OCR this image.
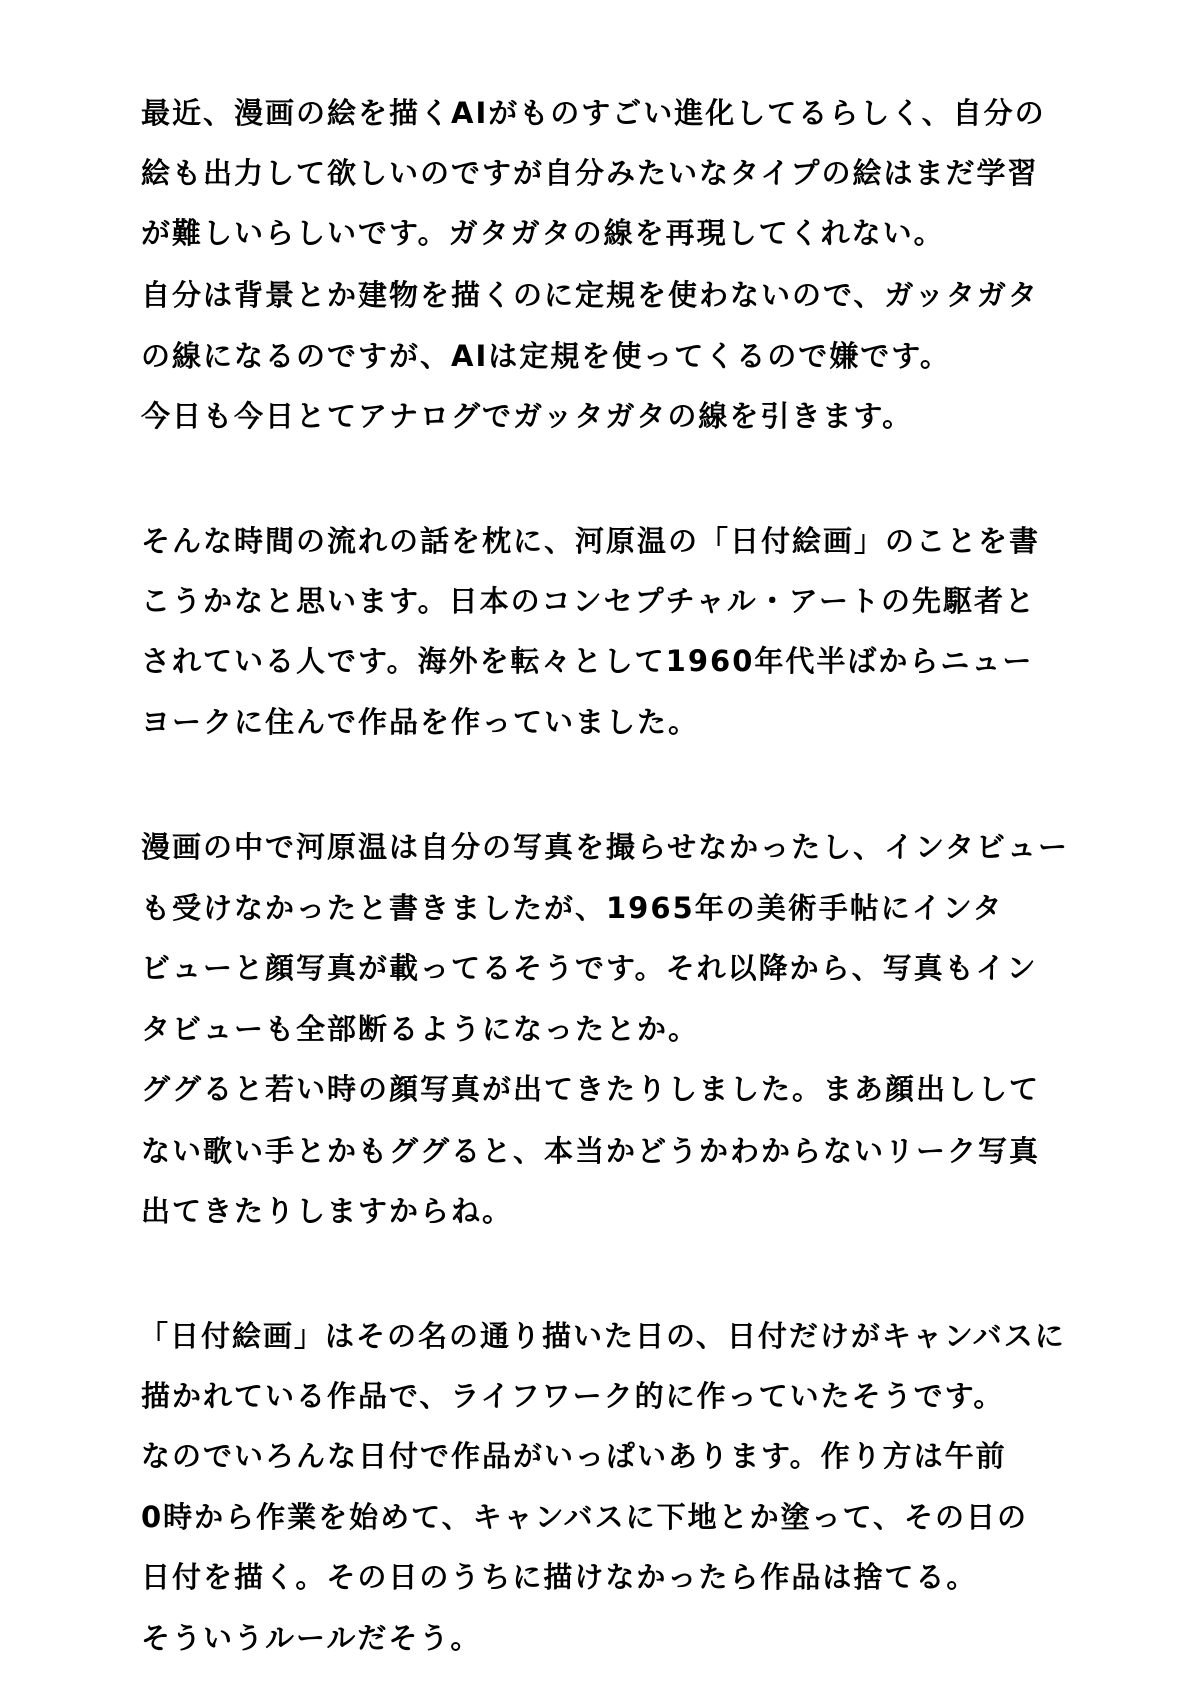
最近、漫画の絵を描くAIがものすごい進化してるらしく、自分の

絵も出力して欲しいのですが自分みたいなタイプの絵はまだ学習

が難しいらしいです。ガタガタの線を再現してくれない。

自分は背景とか建物を描くのに定規を使わないので、ガッタガタ

の線になるのですが、AIは定規を使ってくるので嫌です。

今日も今日とてアナログでガッタガタの線を引きます。

そんな時間の流れの話を枕に、河原温の「日付絵画」のことを書

こうかなと思います。日本のコンセプチャル・アートの先駆者と

されている人です。海外を転々として1960年代半ばからニュー

ヨークに住んで作品を作っていました。

漫画の中で河原温は自分の写真を撮らせなかったし、インタビュー

も受けなかったと書きましたが、1965年の美術手帖にインタ

ビューと顔写真が載ってるそうです。それ以降から、写真もイン

タビューも全部断るようになったとか。

ググると若い時の顔写真が出てきたりしました。まあ顔出しして

ない歌い手とかもググると、本当かどうかわからないリーク写真

出てきたりしますからね。

「日付絵画」はその名の通り描いた日の、日付だけがキャンバスに

描かれている作品で、ライフワーク的に作っていたそうです。

なのでいろんな日付で作品がいっぱいあります。作り方は午前

0時から作業を始めて、キャンバスに下地とか塗って、その日の

日付を描く。その日のうちに描けなかったら作品は捨てる。

そういうルールだそう。
